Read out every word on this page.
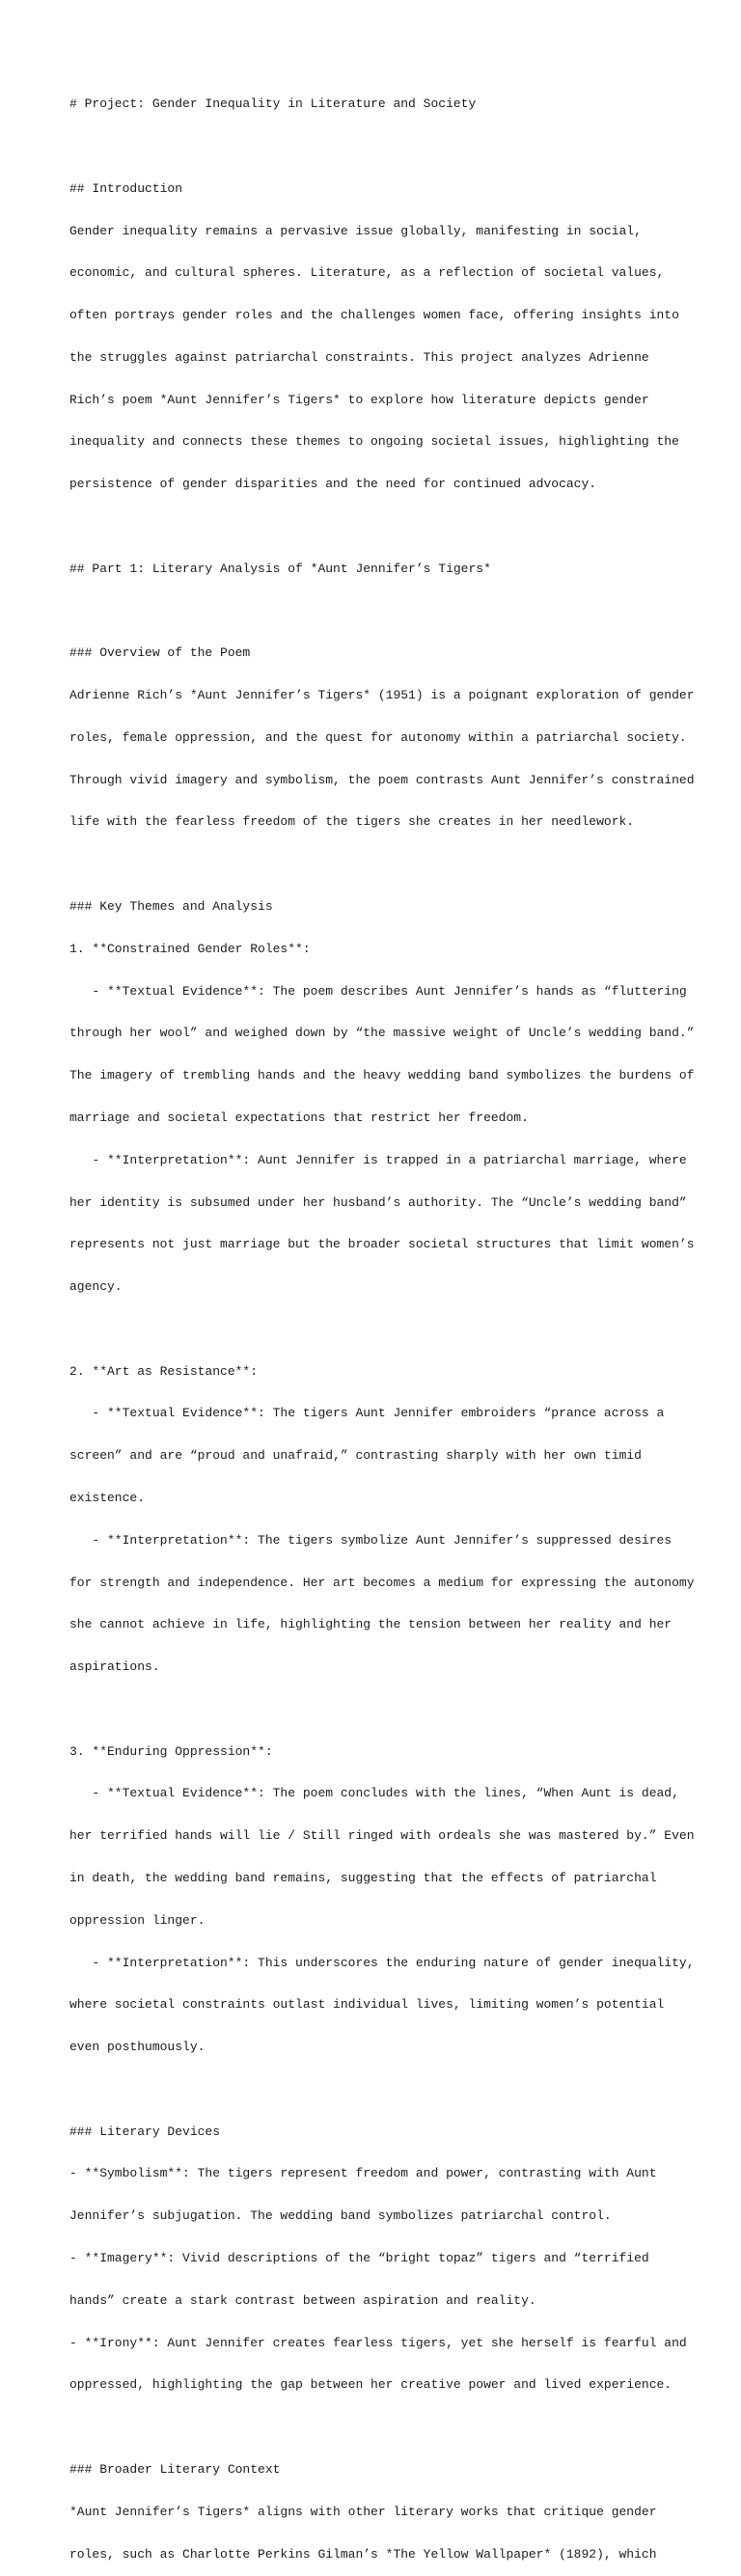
# Project: Gender Inequality in Literature and Society

## Introduction

Gender inequality remains a pervasive issue globally, manifesting in social,

economic, and cultural spheres. Literature, as a reflection of societal values,

often portrays gender roles and the challenges women face, offering insights into

the struggles against patriarchal constraints. This project analyzes Adrienne

Rich’s poem *Aunt Jennifer’s Tigers* to explore how literature depicts gender

inequality and connects these themes to ongoing societal issues, highlighting the

persistence of gender disparities and the need for continued advocacy.

## Part 1: Literary Analysis of *Aunt Jennifer’s Tigers*

### Overview of the Poem

Adrienne Rich’s *Aunt Jennifer’s Tigers* (1951) is a poignant exploration of gender

roles, female oppression, and the quest for autonomy within a patriarchal society.

Through vivid imagery and symbolism, the poem contrasts Aunt Jennifer’s constrained

life with the fearless freedom of the tigers she creates in her needlework.

### Key Themes and Analysis

1. **Constrained Gender Roles**:

- **Textual Evidence**: The poem describes Aunt Jennifer’s hands as “fluttering

through her wool” and weighed down by “the massive weight of Uncle’s wedding band.”

The imagery of trembling hands and the heavy wedding band symbolizes the burdens of

marriage and societal expectations that restrict her freedom.

- **Interpretation**: Aunt Jennifer is trapped in a patriarchal marriage, where

her identity is subsumed under her husband’s authority. The “Uncle’s wedding band”

represents not just marriage but the broader societal structures that limit women’s

agency.

2. **Art as Resistance**:

- **Textual Evidence**: The tigers Aunt Jennifer embroiders “prance across a

screen” and are “proud and unafraid,” contrasting sharply with her own timid

existence.

- **Interpretation**: The tigers symbolize Aunt Jennifer’s suppressed desires

for strength and independence. Her art becomes a medium for expressing the autonomy

she cannot achieve in life, highlighting the tension between her reality and her

aspirations.

3. **Enduring Oppression**:

- **Textual Evidence**: The poem concludes with the lines, “When Aunt is dead,

her terrified hands will lie / Still ringed with ordeals she was mastered by.” Even

in death, the wedding band remains, suggesting that the effects of patriarchal

oppression linger.

- **Interpretation**: This underscores the enduring nature of gender inequality,

where societal constraints outlast individual lives, limiting women’s potential

even posthumously.

### Literary Devices

- **Symbolism**: The tigers represent freedom and power, contrasting with Aunt

Jennifer’s subjugation. The wedding band symbolizes patriarchal control.

- **Imagery**: Vivid descriptions of the “bright topaz” tigers and “terrified

hands” create a stark contrast between aspiration and reality.

- **Irony**: Aunt Jennifer creates fearless tigers, yet she herself is fearful and

oppressed, highlighting the gap between her creative power and lived experience.

### Broader Literary Context

*Aunt Jennifer’s Tigers* aligns with other literary works that critique gender

roles, such as Charlotte Perkins Gilman’s *The Yellow Wallpaper* (1892), which
